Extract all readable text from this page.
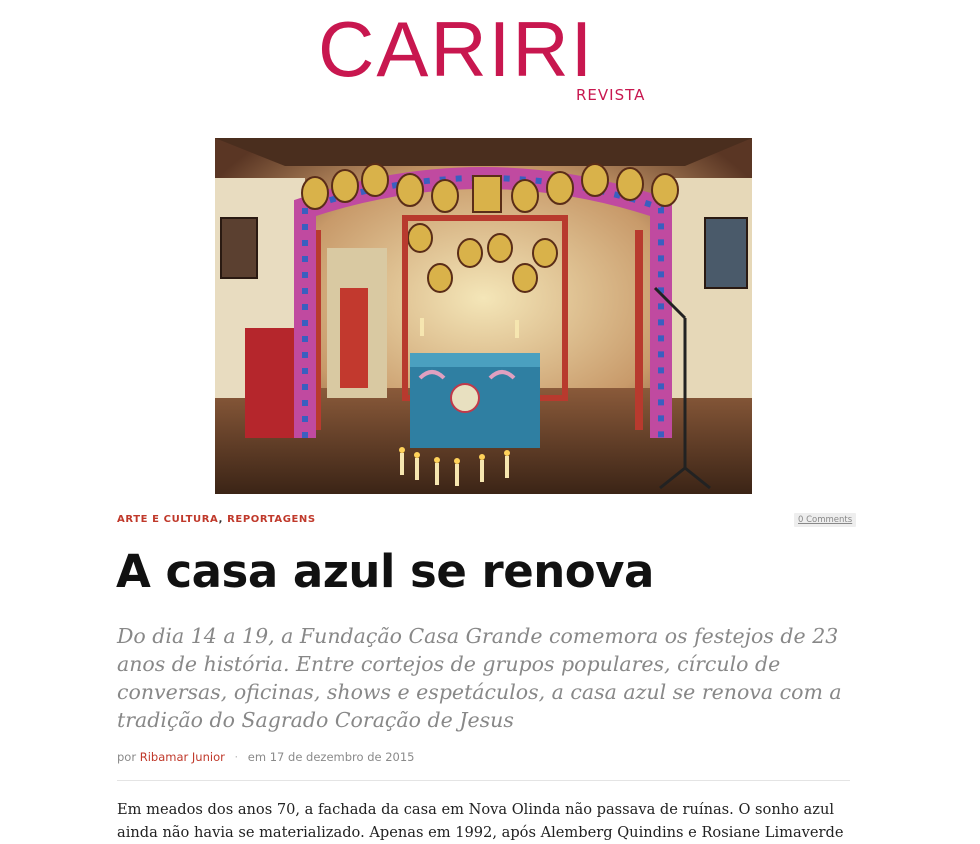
CARIRI
REVISTA
ARTE E CULTURA, REPORTAGENS	0 Comments
A casa azul se renova

Do dia 14 a 19, a Fundação Casa Grande comemora os festejos de 23 anos de história. Entre cortejos de grupos populares, círculo de conversas, oficinas, shows e espetáculos, a casa azul se renova com a tradição do Sagrado Coração de Jesus

por Ribamar Junior · em 17 de dezembro de 2015

Em meados dos anos 70, a fachada da casa em Nova Olinda não passava de ruínas. O sonho azul ainda não havia se materializado. Apenas em 1992, após Alemberg Quindins e Rosiane Limaverde
